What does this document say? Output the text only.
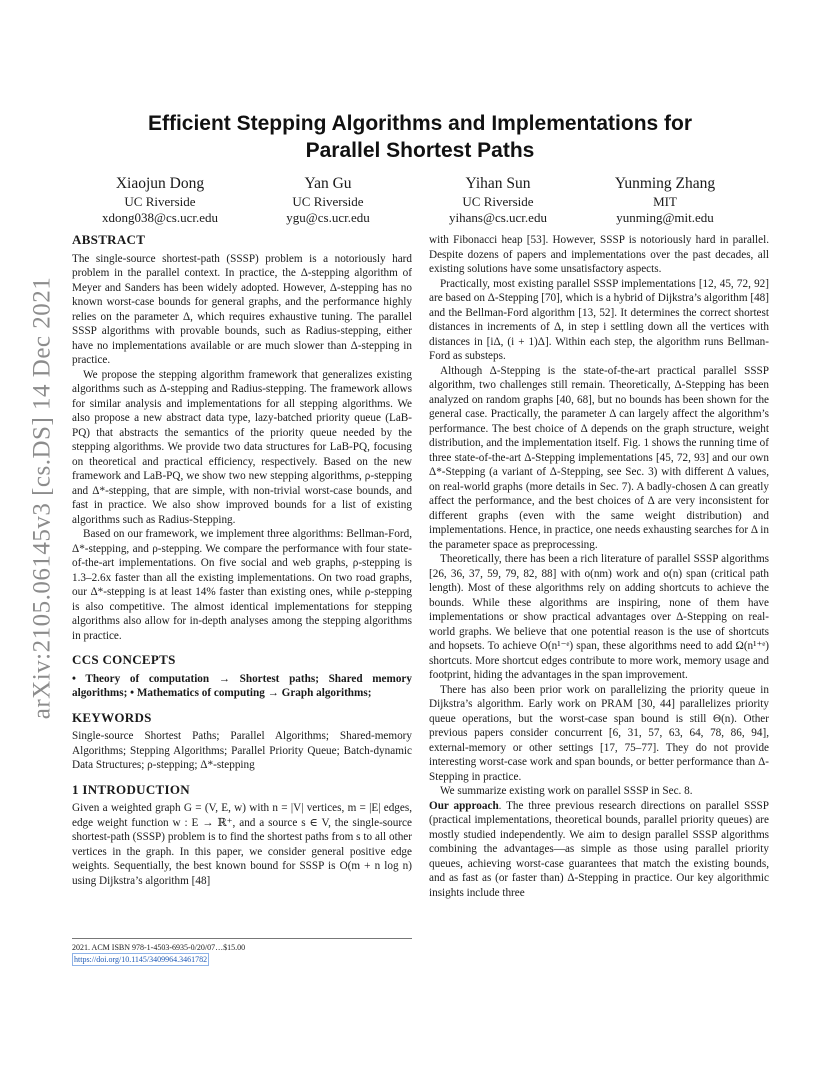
arXiv:2105.06145v3 [cs.DS] 14 Dec 2021
Efficient Stepping Algorithms and Implementations for
Parallel Shortest Paths
Xiaojun Dong
UC Riverside
xdong038@cs.ucr.edu
Yan Gu
UC Riverside
ygu@cs.ucr.edu
Yihan Sun
UC Riverside
yihans@cs.ucr.edu
Yunming Zhang
MIT
yunming@mit.edu
ABSTRACT

The single-source shortest-path (SSSP) problem is a notoriously hard problem in the parallel context. In practice, the Δ-stepping algorithm of Meyer and Sanders has been widely adopted. However, Δ-stepping has no known worst-case bounds for general graphs, and the performance highly relies on the parameter Δ, which requires exhaustive tuning. The parallel SSSP algorithms with provable bounds, such as Radius-stepping, either have no implementations available or are much slower than Δ-stepping in practice.

We propose the stepping algorithm framework that generalizes existing algorithms such as Δ-stepping and Radius-stepping. The framework allows for similar analysis and implementations for all stepping algorithms. We also propose a new abstract data type, lazy-batched priority queue (LaB-PQ) that abstracts the semantics of the priority queue needed by the stepping algorithms. We provide two data structures for LaB-PQ, focusing on theoretical and practical efficiency, respectively. Based on the new framework and LaB-PQ, we show two new stepping algorithms, ρ-stepping and Δ*-stepping, that are simple, with non-trivial worst-case bounds, and fast in practice. We also show improved bounds for a list of existing algorithms such as Radius-Stepping.

Based on our framework, we implement three algorithms: Bellman-Ford, Δ*-stepping, and ρ-stepping. We compare the performance with four state-of-the-art implementations. On five social and web graphs, ρ-stepping is 1.3–2.6x faster than all the existing implementations. On two road graphs, our Δ*-stepping is at least 14% faster than existing ones, while ρ-stepping is also competitive. The almost identical implementations for stepping algorithms also allow for in-depth analyses among the stepping algorithms in practice.

CCS CONCEPTS

• Theory of computation → Shortest paths; Shared memory algorithms; • Mathematics of computing → Graph algorithms;

KEYWORDS

Single-source Shortest Paths; Parallel Algorithms; Shared-memory Algorithms; Stepping Algorithms; Parallel Priority Queue; Batch-dynamic Data Structures; ρ-stepping; Δ*-stepping

1 INTRODUCTION

Given a weighted graph G = (V, E, w) with n = |V| vertices, m = |E| edges, edge weight function w : E → ℝ⁺, and a source s ∈ V, the single-source shortest-path (SSSP) problem is to find the shortest paths from s to all other vertices in the graph. In this paper, we consider general positive edge weights. Sequentially, the best known bound for SSSP is O(m + n log n) using Dijkstra’s algorithm [48]

2021. ACM ISBN 978-1-4503-6935-0/20/07…$15.00
https://doi.org/10.1145/3409964.3461782

with Fibonacci heap [53]. However, SSSP is notoriously hard in parallel. Despite dozens of papers and implementations over the past decades, all existing solutions have some unsatisfactory aspects.

Practically, most existing parallel SSSP implementations [12, 45, 72, 92] are based on Δ-Stepping [70], which is a hybrid of Dijkstra’s algorithm [48] and the Bellman-Ford algorithm [13, 52]. It determines the correct shortest distances in increments of Δ, in step i settling down all the vertices with distances in [iΔ, (i + 1)Δ]. Within each step, the algorithm runs Bellman-Ford as substeps.

Although Δ-Stepping is the state-of-the-art practical parallel SSSP algorithm, two challenges still remain. Theoretically, Δ-Stepping has been analyzed on random graphs [40, 68], but no bounds has been shown for the general case. Practically, the parameter Δ can largely affect the algorithm’s performance. The best choice of Δ depends on the graph structure, weight distribution, and the implementation itself. Fig. 1 shows the running time of three state-of-the-art Δ-Stepping implementations [45, 72, 93] and our own Δ*-Stepping (a variant of Δ-Stepping, see Sec. 3) with different Δ values, on real-world graphs (more details in Sec. 7). A badly-chosen Δ can greatly affect the performance, and the best choices of Δ are very inconsistent for different graphs (even with the same weight distribution) and implementations. Hence, in practice, one needs exhausting searches for Δ in the parameter space as preprocessing.

Theoretically, there has been a rich literature of parallel SSSP algorithms [26, 36, 37, 59, 79, 82, 88] with o(nm) work and o(n) span (critical path length). Most of these algorithms rely on adding shortcuts to achieve the bounds. While these algorithms are inspiring, none of them have implementations or show practical advantages over Δ-Stepping on real-world graphs. We believe that one potential reason is the use of shortcuts and hopsets. To achieve O(n¹⁻ᵉ) span, these algorithms need to add Ω(n¹⁺ᵉ) shortcuts. More shortcut edges contribute to more work, memory usage and footprint, hiding the advantages in the span improvement.

There has also been prior work on parallelizing the priority queue in Dijkstra’s algorithm. Early work on PRAM [30, 44] parallelizes priority queue operations, but the worst-case span bound is still Θ(n). Other previous papers consider concurrent [6, 31, 57, 63, 64, 78, 86, 94], external-memory or other settings [17, 75–77]. They do not provide interesting worst-case work and span bounds, or better performance than Δ-Stepping in practice.

We summarize existing work on parallel SSSP in Sec. 8.

Our approach. The three previous research directions on parallel SSSP (practical implementations, theoretical bounds, parallel priority queues) are mostly studied independently. We aim to design parallel SSSP algorithms combining the advantages—as simple as those using parallel priority queues, achieving worst-case guarantees that match the existing bounds, and as fast as (or faster than) Δ-Stepping in practice. Our key algorithmic insights include three
